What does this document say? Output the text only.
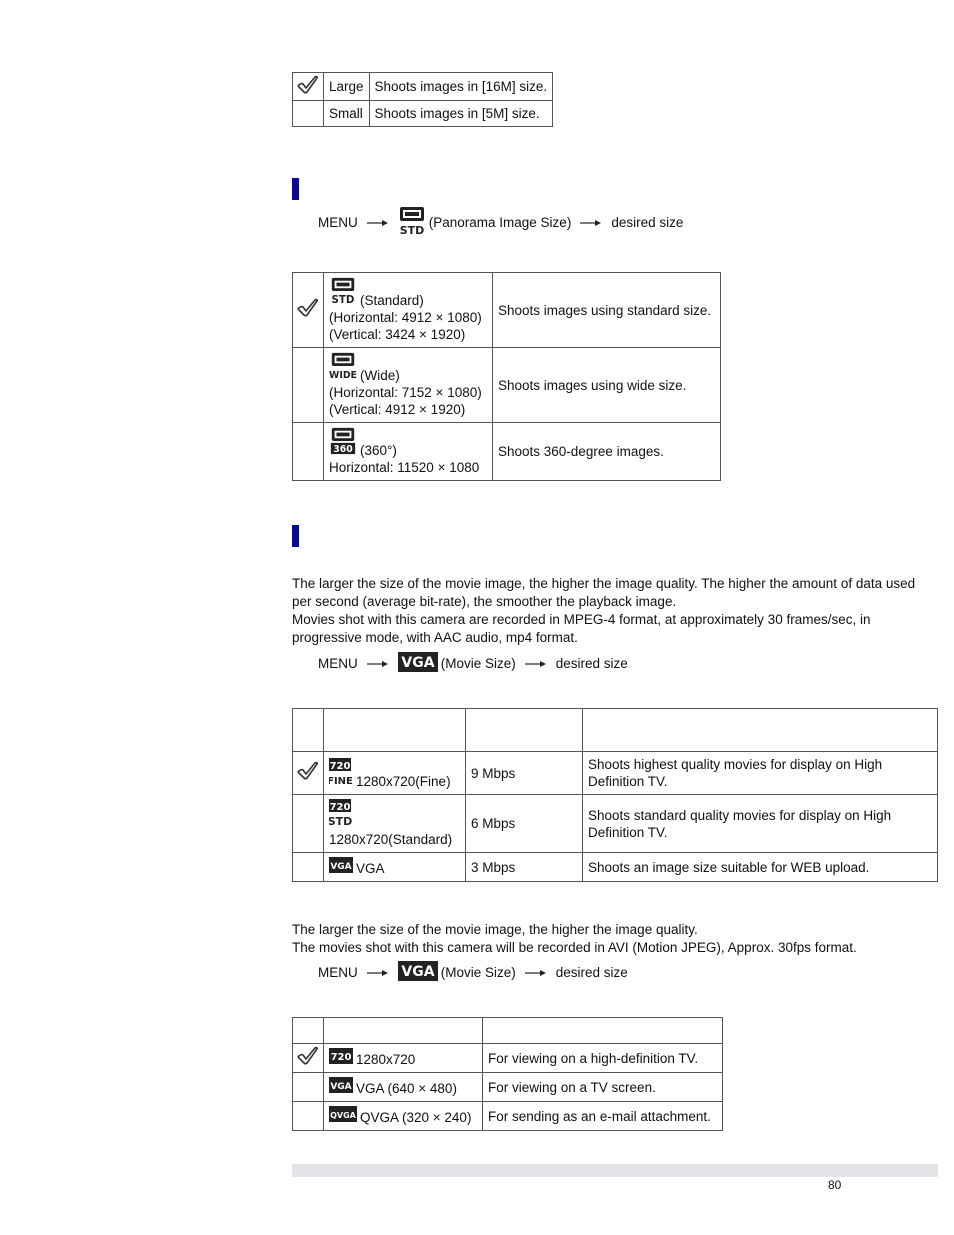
	Large	Shoots images in [16M] size.
	Small	Shoots images in [5M] size.
MENU
STD
(Panorama Image Size)	desired size

STD (Standard)
(Horizontal: 4912 × 1080)
(Vertical: 3424 × 1920)	Shoots images using standard size.

WIDE (Wide)
(Horizontal: 7152 × 1080)
(Vertical: 4912 × 1920)	Shoots images using wide size.

360 (360°)
Horizontal: 11520 × 1080	Shoots 360-degree images.

The larger the size of the movie image, the higher the image quality. The higher the amount of data used per second (average bit-rate), the smoother the playback image.

Movies shot with this camera are recorded in MPEG-4 format, at approximately 30 frames/sec, in progressive mode, with AAC audio, mp4 format.

MENU	VGA (Movie Size)	desired size

720
FINE 1280x720(Fine)	9 Mbps	Shoots highest quality movies for display on High Definition TV.

720
STD

1280x720(Standard)	6 Mbps	Shoots standard quality movies for display on High Definition TV.

VGA VGA	3 Mbps	Shoots an image size suitable for WEB upload.

The larger the size of the movie image, the higher the image quality.

The movies shot with this camera will be recorded in AVI (Motion JPEG), Approx. 30fps format.

MENU	VGA (Movie Size)	desired size

720 1280x720	For viewing on a high-definition TV.

VGA VGA (640 × 480)	For viewing on a TV screen.

QVGA QVGA (320 × 240)	For sending as an e-mail attachment.
80
